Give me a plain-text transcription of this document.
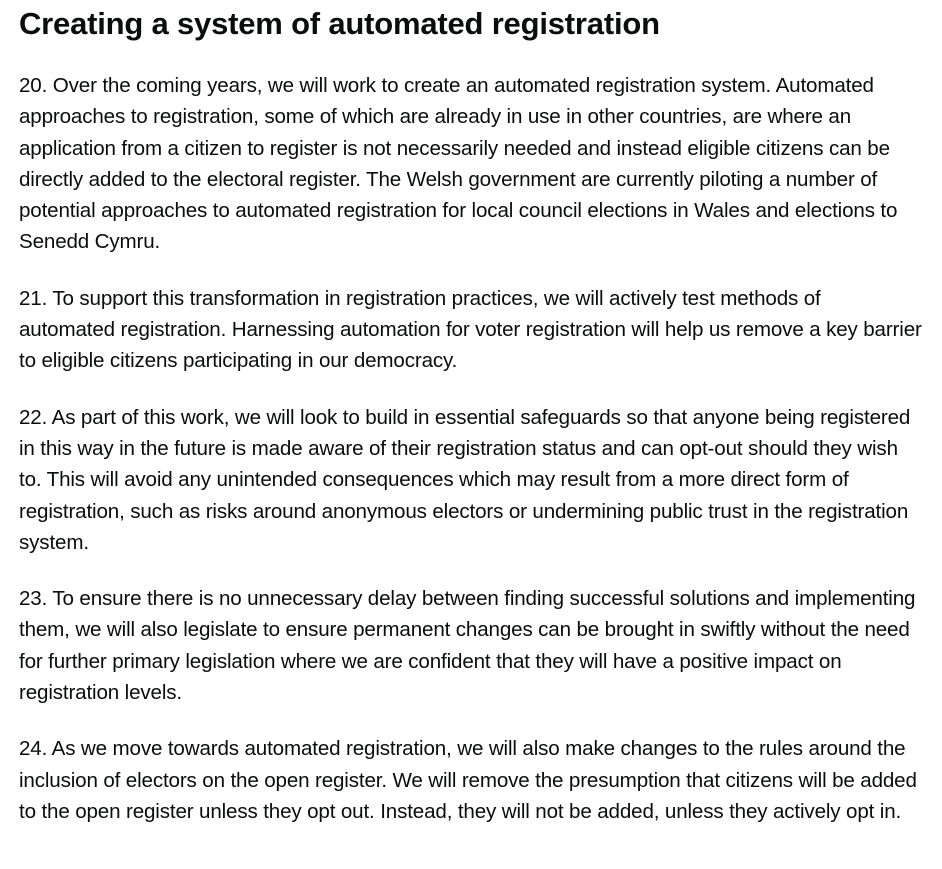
Creating a system of automated registration

20. Over the coming years, we will work to create an automated registration system. Automated approaches to registration, some of which are already in use in other countries, are where an application from a citizen to register is not necessarily needed and instead eligible citizens can be directly added to the electoral register. The Welsh government are currently piloting a number of potential approaches to automated registration for local council elections in Wales and elections to Senedd Cymru.

21. To support this transformation in registration practices, we will actively test methods of automated registration. Harnessing automation for voter registration will help us remove a key barrier to eligible citizens participating in our democracy.

22. As part of this work, we will look to build in essential safeguards so that anyone being registered in this way in the future is made aware of their registration status and can opt-out should they wish to. This will avoid any unintended consequences which may result from a more direct form of registration, such as risks around anonymous electors or undermining public trust in the registration system.

23. To ensure there is no unnecessary delay between finding successful solutions and implementing them, we will also legislate to ensure permanent changes can be brought in swiftly without the need for further primary legislation where we are confident that they will have a positive impact on registration levels.

24. As we move towards automated registration, we will also make changes to the rules around the inclusion of electors on the open register. We will remove the presumption that citizens will be added to the open register unless they opt out. Instead, they will not be added, unless they actively opt in.
